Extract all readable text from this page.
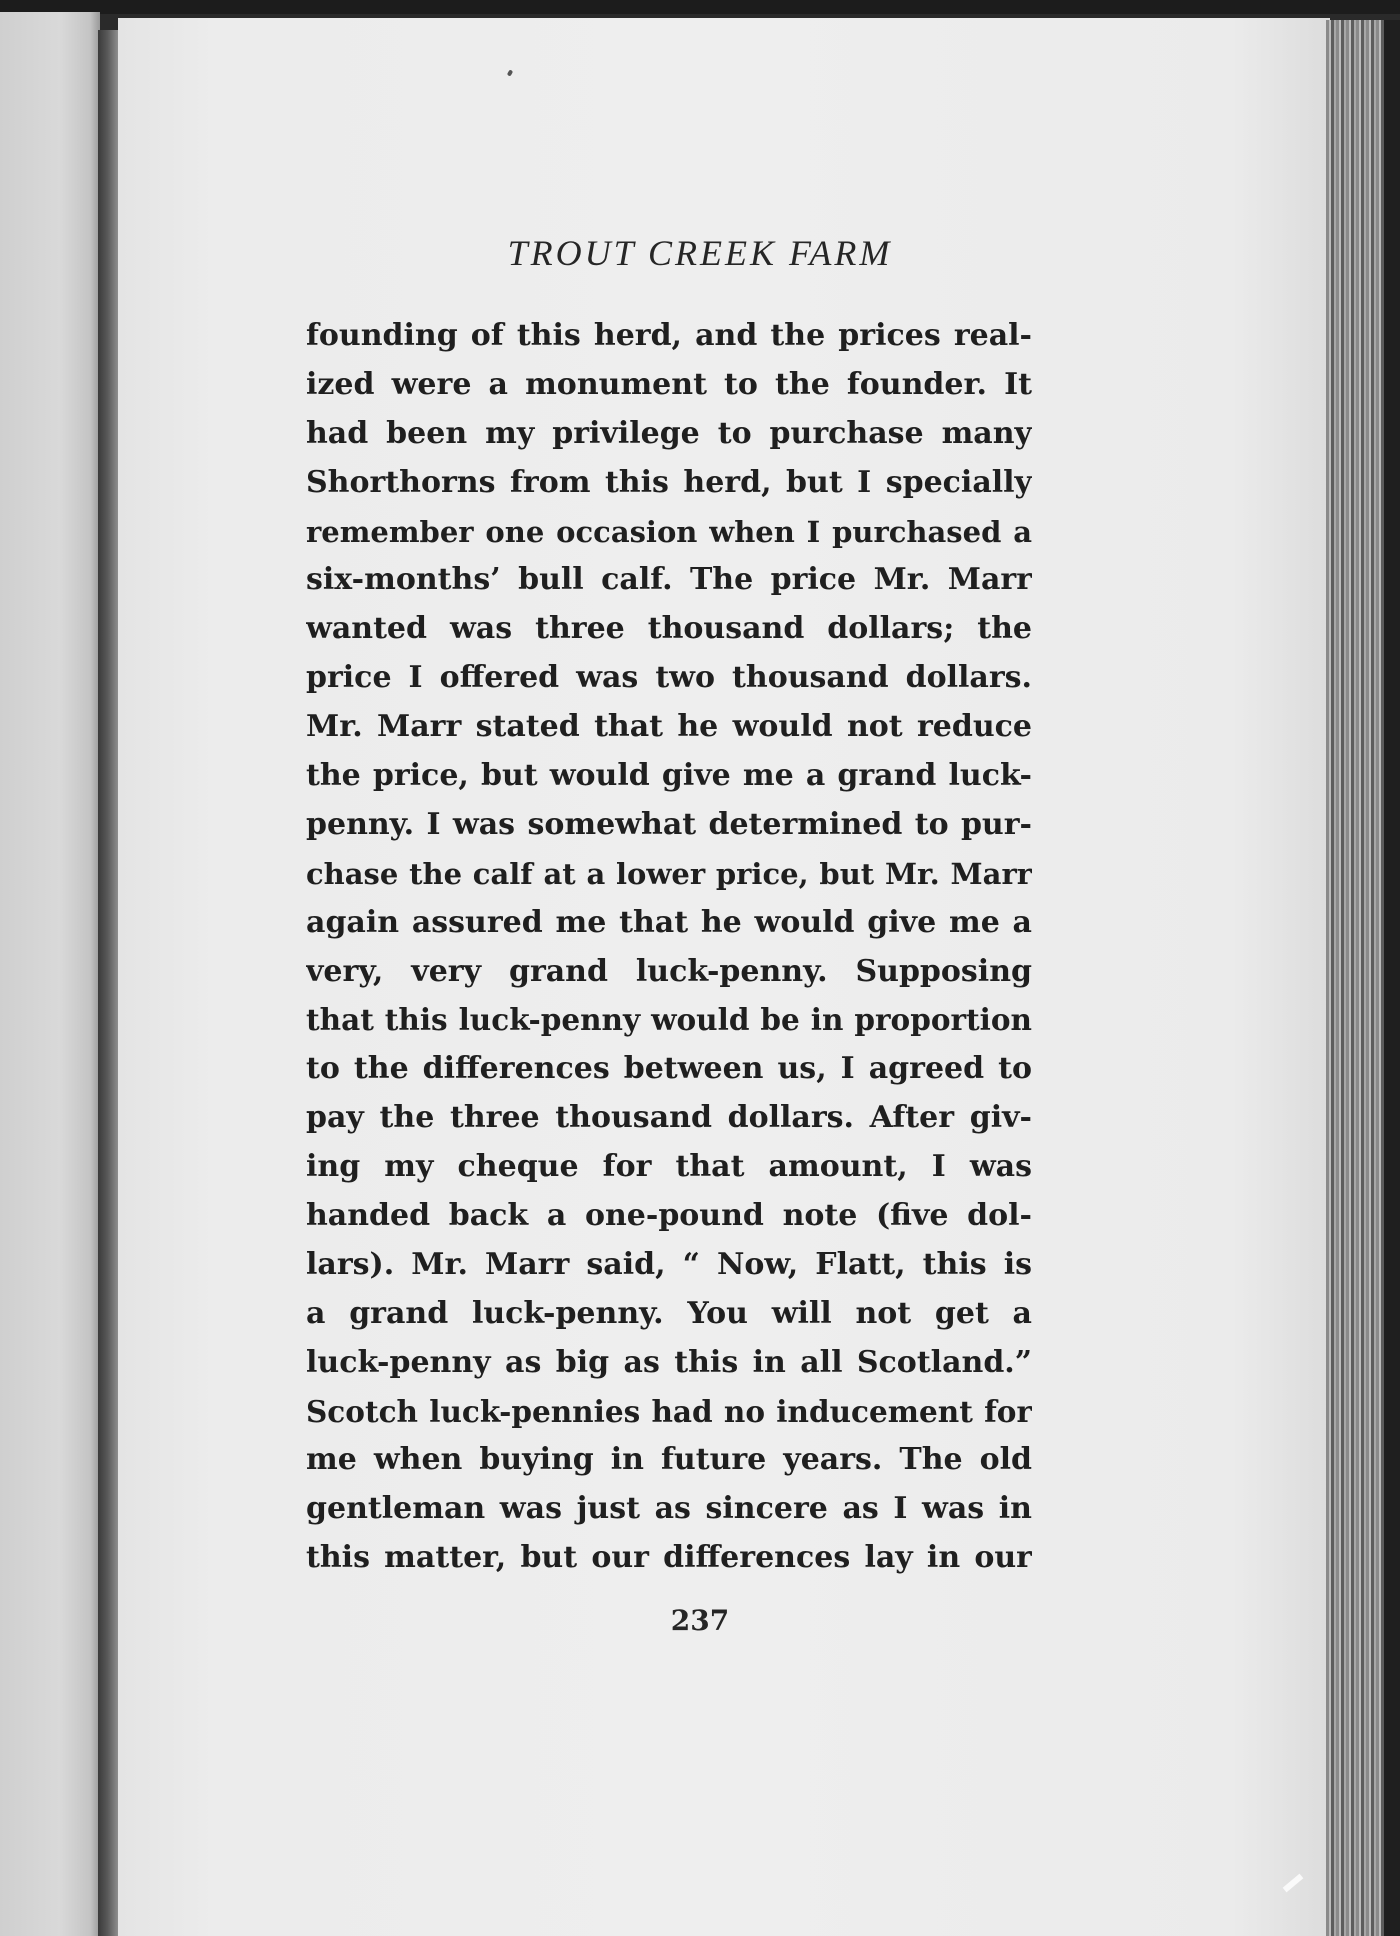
TROUT CREEK FARM
founding of this herd, and the prices real-
ized were a monument to the founder. It
had been my privilege to purchase many
Shorthorns from this herd, but I specially
remember one occasion when I purchased a
six-months’ bull calf. The price Mr. Marr
wanted was three thousand dollars; the
price I offered was two thousand dollars.
Mr. Marr stated that he would not reduce
the price, but would give me a grand luck-
penny. I was somewhat determined to pur-
chase the calf at a lower price, but Mr. Marr
again assured me that he would give me a
very, very grand luck-penny. Supposing
that this luck-penny would be in proportion
to the differences between us, I agreed to
pay the three thousand dollars. After giv-
ing my cheque for that amount, I was
handed back a one-pound note (five dol-
lars). Mr. Marr said, “ Now, Flatt, this is
a grand luck-penny. You will not get a
luck-penny as big as this in all Scotland.”
Scotch luck-pennies had no inducement for
me when buying in future years. The old
gentleman was just as sincere as I was in
this matter, but our differences lay in our
237
